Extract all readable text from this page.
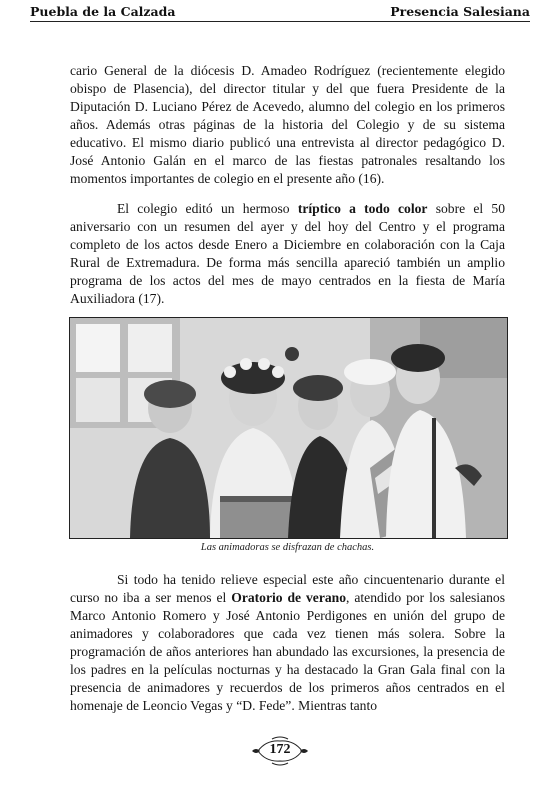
Puebla de la Calzada	Presencia Salesiana

cario General de la diócesis D. Amadeo Rodríguez (recientemente elegido obispo de Plasencia), del director titular y del que fuera Presidente de la Diputación D. Luciano Pérez de Acevedo, alumno del colegio en los primeros años. Además otras páginas de la historia del Colegio y de su sistema educativo. El mismo diario publicó una entrevista al director pedagógico D. José Antonio Galán en el marco de las fiestas patronales resaltando los momentos importantes de colegio en el presente año (16).

El colegio editó un hermoso tríptico a todo color sobre el 50 aniversario con un resumen del ayer y del hoy del Centro y el programa completo de los actos desde Enero a Diciembre en colaboración con la Caja Rural de Extremadura. De forma más sencilla apareció también un amplio programa de los actos del mes de mayo centrados en la fiesta de María Auxiliadora (17).

Las animadoras se disfrazan de chachas.

Si todo ha tenido relieve especial este año cincuentenario durante el curso no iba a ser menos el Oratorio de verano, atendido por los salesianos Marco Antonio Romero y José Antonio Perdigones en unión del grupo de animadores y colaboradores que cada vez tienen más solera. Sobre la programación de años anteriores han abundado las excursiones, la presencia de los padres en la películas nocturnas y ha destacado la Gran Gala final con la presencia de animadores y recuerdos de los primeros años centrados en el homenaje de Leoncio Vegas y “D. Fede”. Mientras tanto

172
